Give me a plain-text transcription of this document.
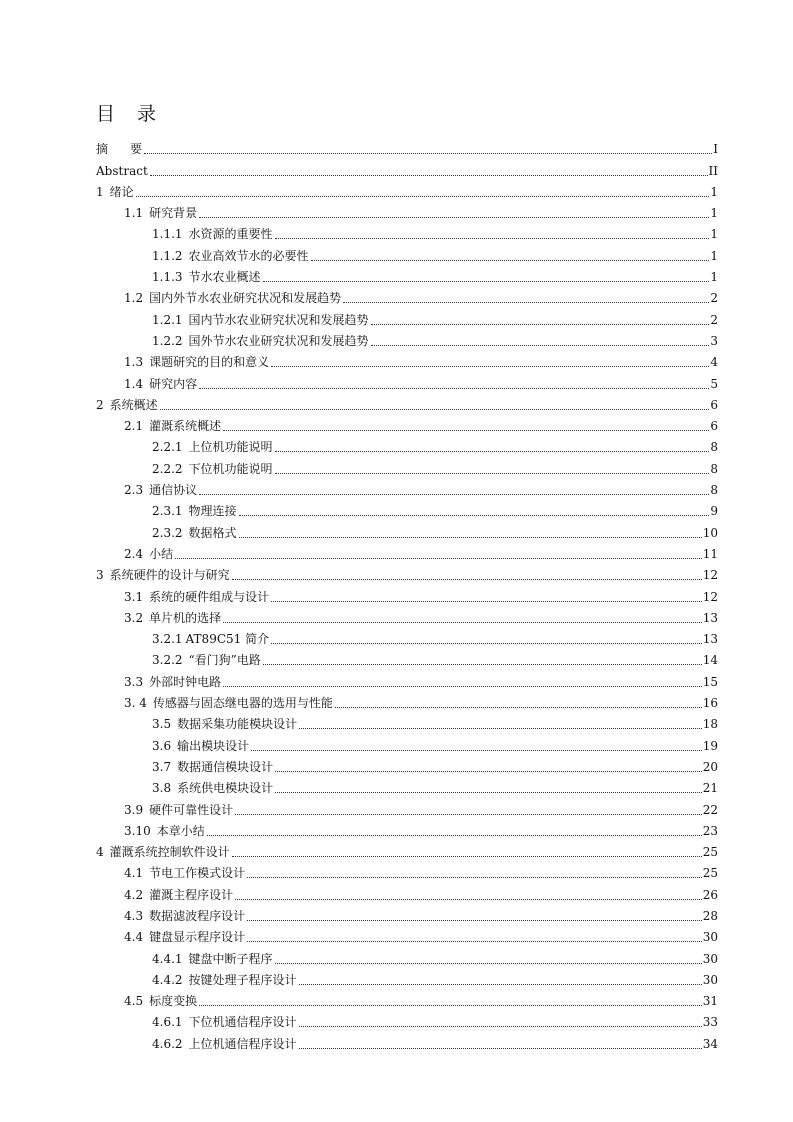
目 录
摘 要	I
Abstract	II
1 绪论	1
1.1 研究背景	1
1.1.1 水资源的重要性	1
1.1.2 农业高效节水的必要性	1
1.1.3 节水农业概述	1
1.2 国内外节水农业研究状况和发展趋势	2
1.2.1 国内节水农业研究状况和发展趋势	2
1.2.2 国外节水农业研究状况和发展趋势	3
1.3 课题研究的目的和意义	4
1.4 研究内容	5
2 系统概述	6
2.1 灌溉系统概述	6
2.2.1 上位机功能说明	8
2.2.2 下位机功能说明	8
2.3 通信协议	8
2.3.1 物理连接	9
2.3.2 数据格式	10
2.4 小结	11
3 系统硬件的设计与研究	12
3.1 系统的硬件组成与设计	12
3.2 单片机的选择	13
3.2.1 AT89C51 简介	13
3.2.2 “看门狗”电路	14
3.3 外部时钟电路	15
3. 4 传感器与固态继电器的选用与性能	16
3.5 数据采集功能模块设计	18
3.6 输出模块设计	19
3.7 数据通信模块设计	20
3.8 系统供电模块设计	21
3.9 硬件可靠性设计	22
3.10 本章小结	23
4 灌溉系统控制软件设计	25
4.1 节电工作模式设计	25
4.2 灌溉主程序设计	26
4.3 数据滤波程序设计	28
4.4 键盘显示程序设计	30
4.4.1 键盘中断子程序	30
4.4.2 按键处理子程序设计	30
4.5 标度变换	31
4.6.1 下位机通信程序设计	33
4.6.2 上位机通信程序设计	34
